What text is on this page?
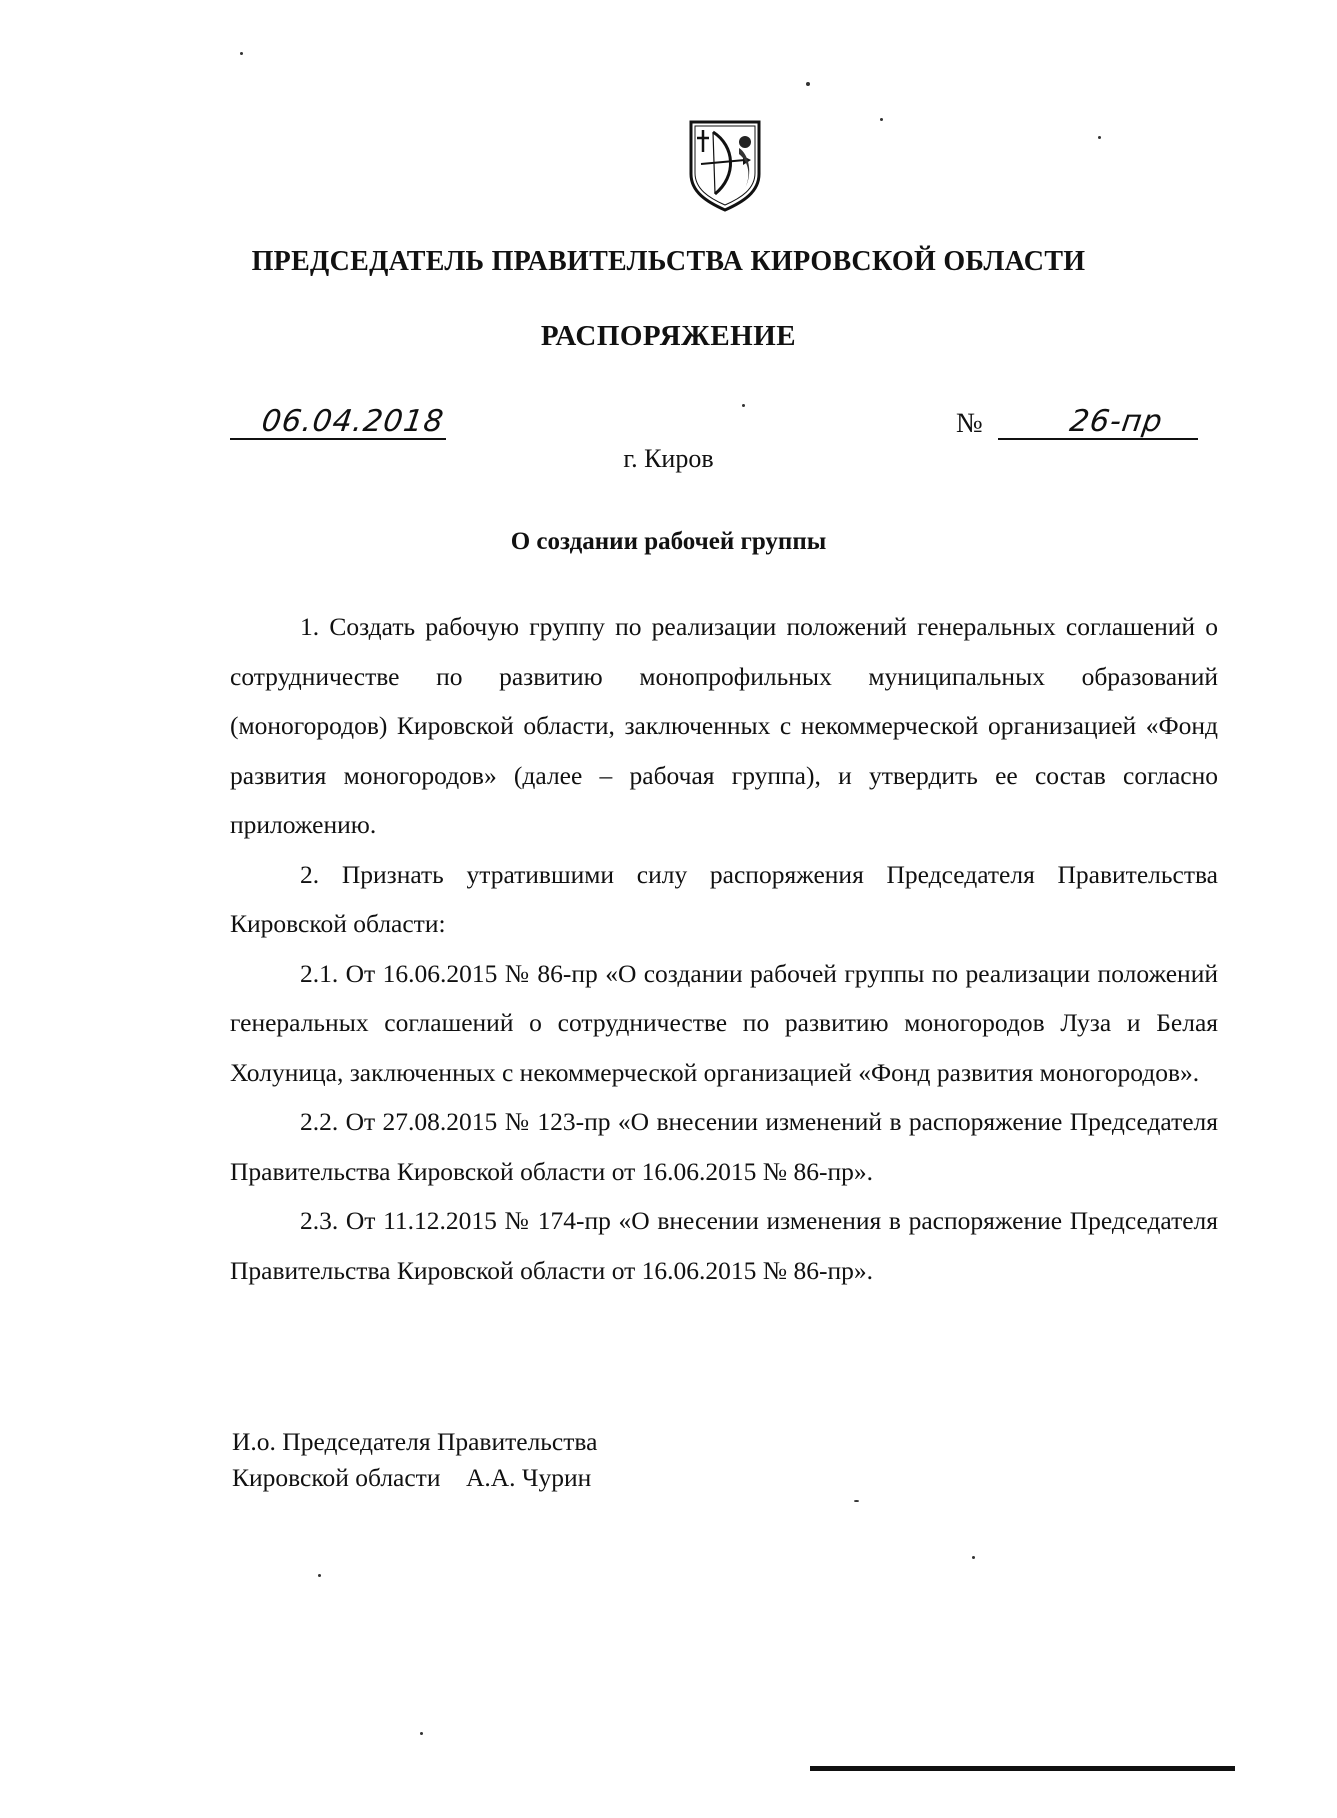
ПРЕДСЕДАТЕЛЬ ПРАВИТЕЛЬСТВА КИРОВСКОЙ ОБЛАСТИ
РАСПОРЯЖЕНИЕ
06.04.2018	№	26-пр
г. Киров
О создании рабочей группы

1. Создать рабочую группу по реализации положений генеральных соглашений о сотрудничестве по развитию монопрофильных муниципальных образований (моногородов) Кировской области, заключенных с некоммерческой организацией «Фонд развития моногородов» (далее – рабочая группа), и утвердить ее состав согласно приложению.

2. Признать утратившими силу распоряжения Председателя Правительства Кировской области:

2.1. От 16.06.2015 № 86-пр «О создании рабочей группы по реализации положений генеральных соглашений о сотрудничестве по развитию моногородов Луза и Белая Холуница, заключенных с некоммерческой организацией «Фонд развития моногородов».

2.2. От 27.08.2015 № 123-пр «О внесении изменений в распоряжение Председателя Правительства Кировской области от 16.06.2015 № 86-пр».

2.3. От 11.12.2015 № 174-пр «О внесении изменения в распоряжение Председателя Правительства Кировской области от 16.06.2015 № 86-пр».

И.о. Председателя Правительства
Кировской области    А.А. Чурин
